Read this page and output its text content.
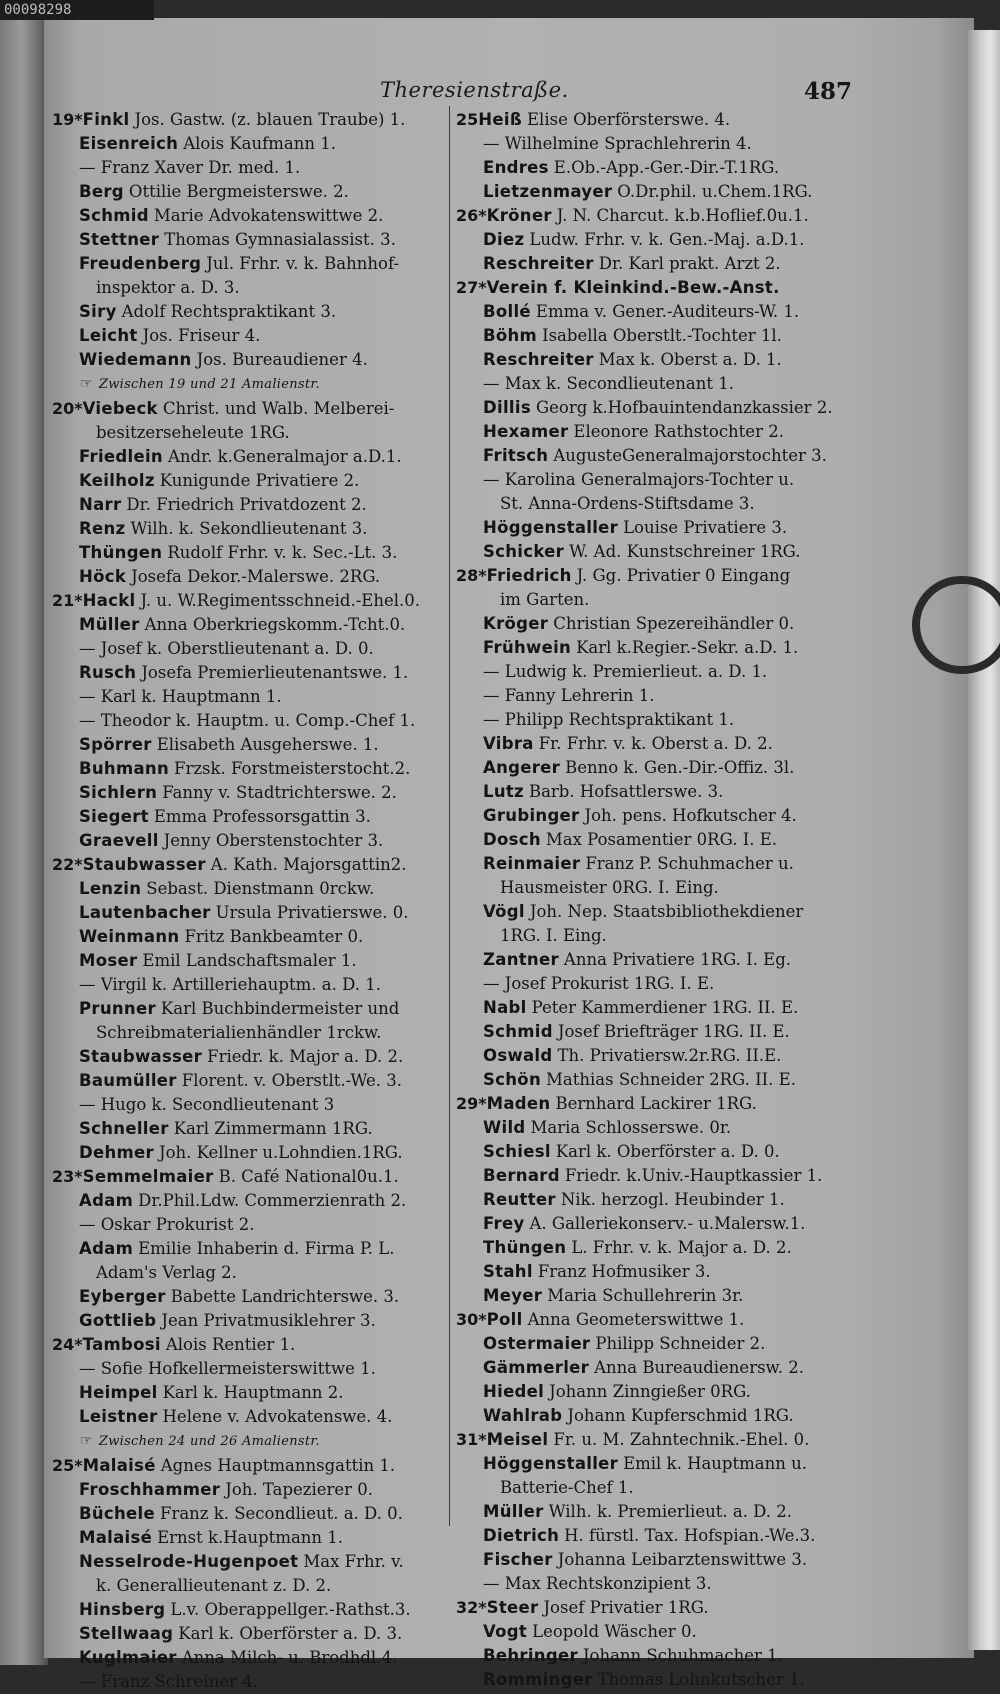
00098298
Theresienstraße.	487
19*Finkl Jos. Gastw. (z. blauen Traube) 1.
Eisenreich Alois Kaufmann 1.
— Franz Xaver Dr. med. 1.
Berg Ottilie Bergmeisterswe. 2.
Schmid Marie Advokatenswittwe 2.
Stettner Thomas Gymnasialassist. 3.
Freudenberg Jul. Frhr. v. k. Bahnhof-
inspektor a. D. 3.
Siry Adolf Rechtspraktikant 3.
Leicht Jos. Friseur 4.
Wiedemann Jos. Bureaudiener 4.
☞ Zwischen 19 und 21 Amalienstr.
20*Viebeck Christ. und Walb. Melberei-
besitzerseheleute 1RG.
Friedlein Andr. k.Generalmajor a.D.1.
Keilholz Kunigunde Privatiere 2.
Narr Dr. Friedrich Privatdozent 2.
Renz Wilh. k. Sekondlieutenant 3.
Thüngen Rudolf Frhr. v. k. Sec.-Lt. 3.
Höck Josefa Dekor.-Malerswe. 2RG.
21*Hackl J. u. W.Regimentsschneid.-Ehel.0.
Müller Anna Oberkriegskomm.-Tcht.0.
— Josef k. Oberstlieutenant a. D. 0.
Rusch Josefa Premierlieutenantswe. 1.
— Karl k. Hauptmann 1.
— Theodor k. Hauptm. u. Comp.-Chef 1.
Spörrer Elisabeth Ausgeherswe. 1.
Buhmann Frzsk. Forstmeisterstocht.2.
Sichlern Fanny v. Stadtrichterswe. 2.
Siegert Emma Professorsgattin 3.
Graevell Jenny Oberstenstochter 3.
22*Staubwasser A. Kath. Majorsgattin2.
Lenzin Sebast. Dienstmann 0rckw.
Lautenbacher Ursula Privatierswe. 0.
Weinmann Fritz Bankbeamter 0.
Moser Emil Landschaftsmaler 1.
— Virgil k. Artilleriehauptm. a. D. 1.
Prunner Karl Buchbindermeister und
Schreibmaterialienhändler 1rckw.
Staubwasser Friedr. k. Major a. D. 2.
Baumüller Florent. v. Oberstlt.-We. 3.
— Hugo k. Secondlieutenant 3
Schneller Karl Zimmermann 1RG.
Dehmer Joh. Kellner u.Lohndien.1RG.
23*Semmelmaier B. Café National0u.1.
Adam Dr.Phil.Ldw. Commerzienrath 2.
— Oskar Prokurist 2.
Adam Emilie Inhaberin d. Firma P. L.
Adam's Verlag 2.
Eyberger Babette Landrichterswe. 3.
Gottlieb Jean Privatmusiklehrer 3.
24*Tambosi Alois Rentier 1.
— Sofie Hofkellermeisterswittwe 1.
Heimpel Karl k. Hauptmann 2.
Leistner Helene v. Advokatenswe. 4.
☞ Zwischen 24 und 26 Amalienstr.
25*Malaisé Agnes Hauptmannsgattin 1.
Froschhammer Joh. Tapezierer 0.
Büchele Franz k. Secondlieut. a. D. 0.
Malaisé Ernst k.Hauptmann 1.
Nesselrode-Hugenpoet Max Frhr. v.
k. Generallieutenant z. D. 2.
Hinsberg L.v. Oberappellger.-Rathst.3.
Stellwaag Karl k. Oberförster a. D. 3.
Kuglmaier Anna Milch- u. Brodhdl.4.
— Franz Schreiner 4.
25Heiß Elise Oberförsterswe. 4.
— Wilhelmine Sprachlehrerin 4.
Endres E.Ob.-App.-Ger.-Dir.-T.1RG.
Lietzenmayer O.Dr.phil. u.Chem.1RG.
26*Kröner J. N. Charcut. k.b.Hoflief.0u.1.
Diez Ludw. Frhr. v. k. Gen.-Maj. a.D.1.
Reschreiter Dr. Karl prakt. Arzt 2.
27*Verein f. Kleinkind.-Bew.-Anst.
Bollé Emma v. Gener.-Auditeurs-W. 1.
Böhm Isabella Oberstlt.-Tochter 1l.
Reschreiter Max k. Oberst a. D. 1.
— Max k. Secondlieutenant 1.
Dillis Georg k.Hofbauintendanzkassier 2.
Hexamer Eleonore Rathstochter 2.
Fritsch AugusteGeneralmajorstochter 3.
— Karolina Generalmajors-Tochter u.
St. Anna-Ordens-Stiftsdame 3.
Höggenstaller Louise Privatiere 3.
Schicker W. Ad. Kunstschreiner 1RG.
28*Friedrich J. Gg. Privatier 0 Eingang
im Garten.
Kröger Christian Spezereihändler 0.
Frühwein Karl k.Regier.-Sekr. a.D. 1.
— Ludwig k. Premierlieut. a. D. 1.
— Fanny Lehrerin 1.
— Philipp Rechtspraktikant 1.
Vibra Fr. Frhr. v. k. Oberst a. D. 2.
Angerer Benno k. Gen.-Dir.-Offiz. 3l.
Lutz Barb. Hofsattlerswe. 3.
Grubinger Joh. pens. Hofkutscher 4.
Dosch Max Posamentier 0RG. I. E.
Reinmaier Franz P. Schuhmacher u.
Hausmeister 0RG. I. Eing.
Vögl Joh. Nep. Staatsbibliothekdiener
1RG. I. Eing.
Zantner Anna Privatiere 1RG. I. Eg.
— Josef Prokurist 1RG. I. E.
Nabl Peter Kammerdiener 1RG. II. E.
Schmid Josef Briefträger 1RG. II. E.
Oswald Th. Privatiersw.2r.RG. II.E.
Schön Mathias Schneider 2RG. II. E.
29*Maden Bernhard Lackirer 1RG.
Wild Maria Schlosserswe. 0r.
Schiesl Karl k. Oberförster a. D. 0.
Bernard Friedr. k.Univ.-Hauptkassier 1.
Reutter Nik. herzogl. Heubinder 1.
Frey A. Galleriekonserv.- u.Malersw.1.
Thüngen L. Frhr. v. k. Major a. D. 2.
Stahl Franz Hofmusiker 3.
Meyer Maria Schullehrerin 3r.
30*Poll Anna Geometerswittwe 1.
Ostermaier Philipp Schneider 2.
Gämmerler Anna Bureaudienersw. 2.
Hiedel Johann Zinngießer 0RG.
Wahlrab Johann Kupferschmid 1RG.
31*Meisel Fr. u. M. Zahntechnik.-Ehel. 0.
Höggenstaller Emil k. Hauptmann u.
Batterie-Chef 1.
Müller Wilh. k. Premierlieut. a. D. 2.
Dietrich H. fürstl. Tax. Hofspian.-We.3.
Fischer Johanna Leibarztenswittwe 3.
— Max Rechtskonzipient 3.
32*Steer Josef Privatier 1RG.
Vogt Leopold Wäscher 0.
Behringer Johann Schuhmacher 1.
Romminger Thomas Lohnkutscher 1.
